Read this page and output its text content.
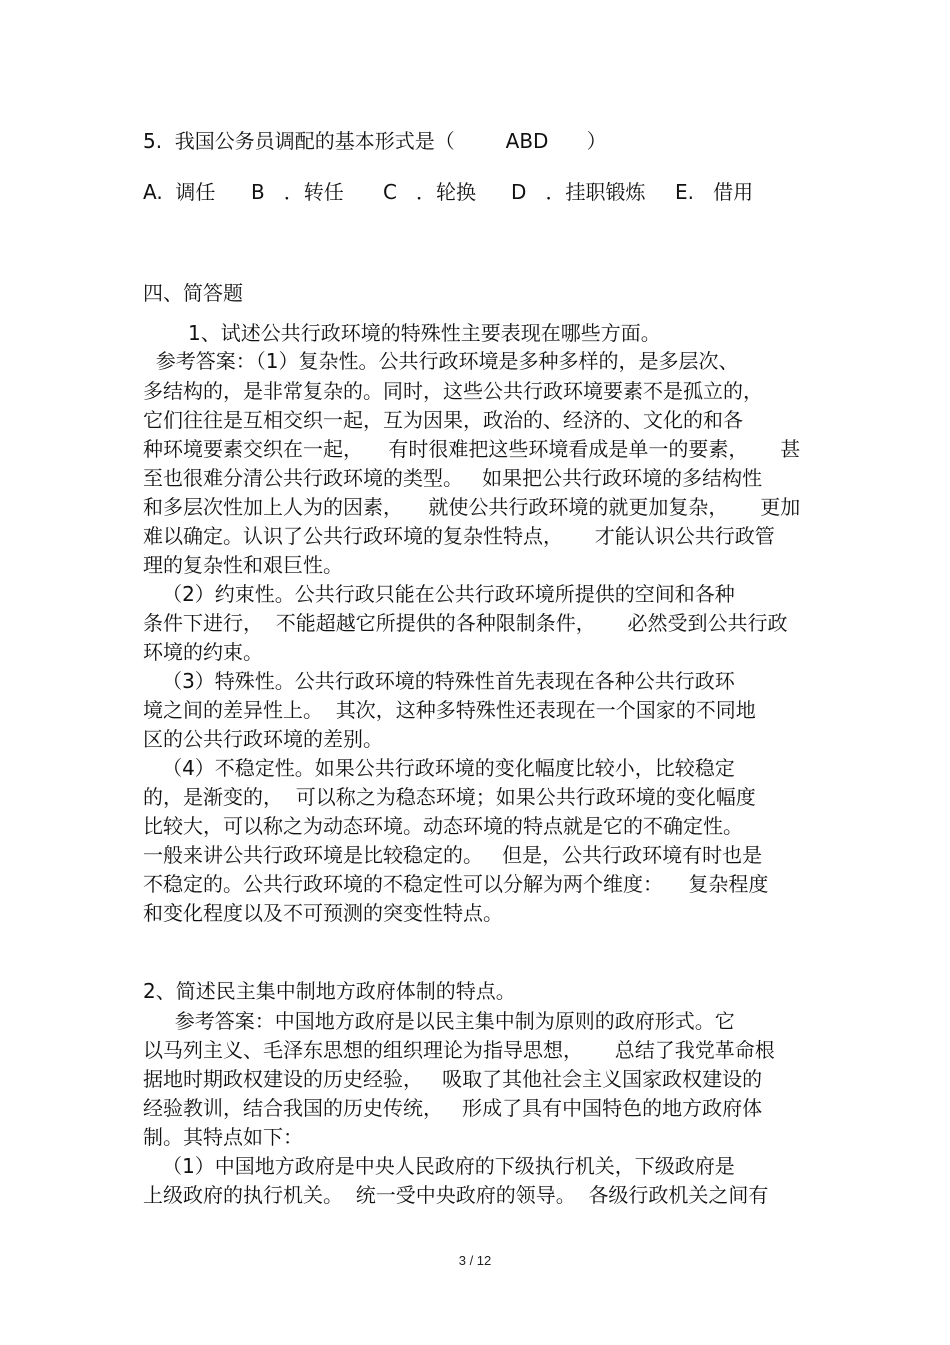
5.  我国公务员调配的基本形式是（        ABD      ）

A.  调任

B   ．转任

C   ．轮换

D   ．挂职锻炼

E.   借用

四、简答题
1、试述公共行政环境的特殊性主要表现在哪些方面。
参考答案：（1）复杂性。公共行政环境是多种多样的，是多层次、
多结构的，是非常复杂的。同时，这些公共行政环境要素不是孤立的，
它们往往是互相交织一起，互为因果，政治的、经济的、文化的和各
种环境要素交织在一起，    有时很难把这些环境看成是单一的要素，     甚
至也很难分清公共行政环境的类型。   如果把公共行政环境的多结构性
和多层次性加上人为的因素，    就使公共行政环境的就更加复杂，     更加
难以确定。认识了公共行政环境的复杂性特点，     才能认识公共行政管
理的复杂性和艰巨性。
（2）约束性。公共行政只能在公共行政环境所提供的空间和各种
条件下进行，  不能超越它所提供的各种限制条件，     必然受到公共行政
环境的约束。
（3）特殊性。公共行政环境的特殊性首先表现在各种公共行政环
境之间的差异性上。  其次，这种多特殊性还表现在一个国家的不同地
区的公共行政环境的差别。
（4）不稳定性。如果公共行政环境的变化幅度比较小，比较稳定
的，是渐变的，  可以称之为稳态环境；如果公共行政环境的变化幅度
比较大，可以称之为动态环境。动态环境的特点就是它的不确定性。
一般来讲公共行政环境是比较稳定的。   但是，公共行政环境有时也是
不稳定的。公共行政环境的不稳定性可以分解为两个维度：    复杂程度
和变化程度以及不可预测的突变性特点。
2、简述民主集中制地方政府体制的特点。
参考答案：中国地方政府是以民主集中制为原则的政府形式。它
以马列主义、毛泽东思想的组织理论为指导思想，     总结了我党革命根
据地时期政权建设的历史经验，   吸取了其他社会主义国家政权建设的
经验教训，结合我国的历史传统，   形成了具有中国特色的地方政府体
制。其特点如下：
（1）中国地方政府是中央人民政府的下级执行机关，下级政府是
上级政府的执行机关。  统一受中央政府的领导。  各级行政机关之间有
3 / 12
